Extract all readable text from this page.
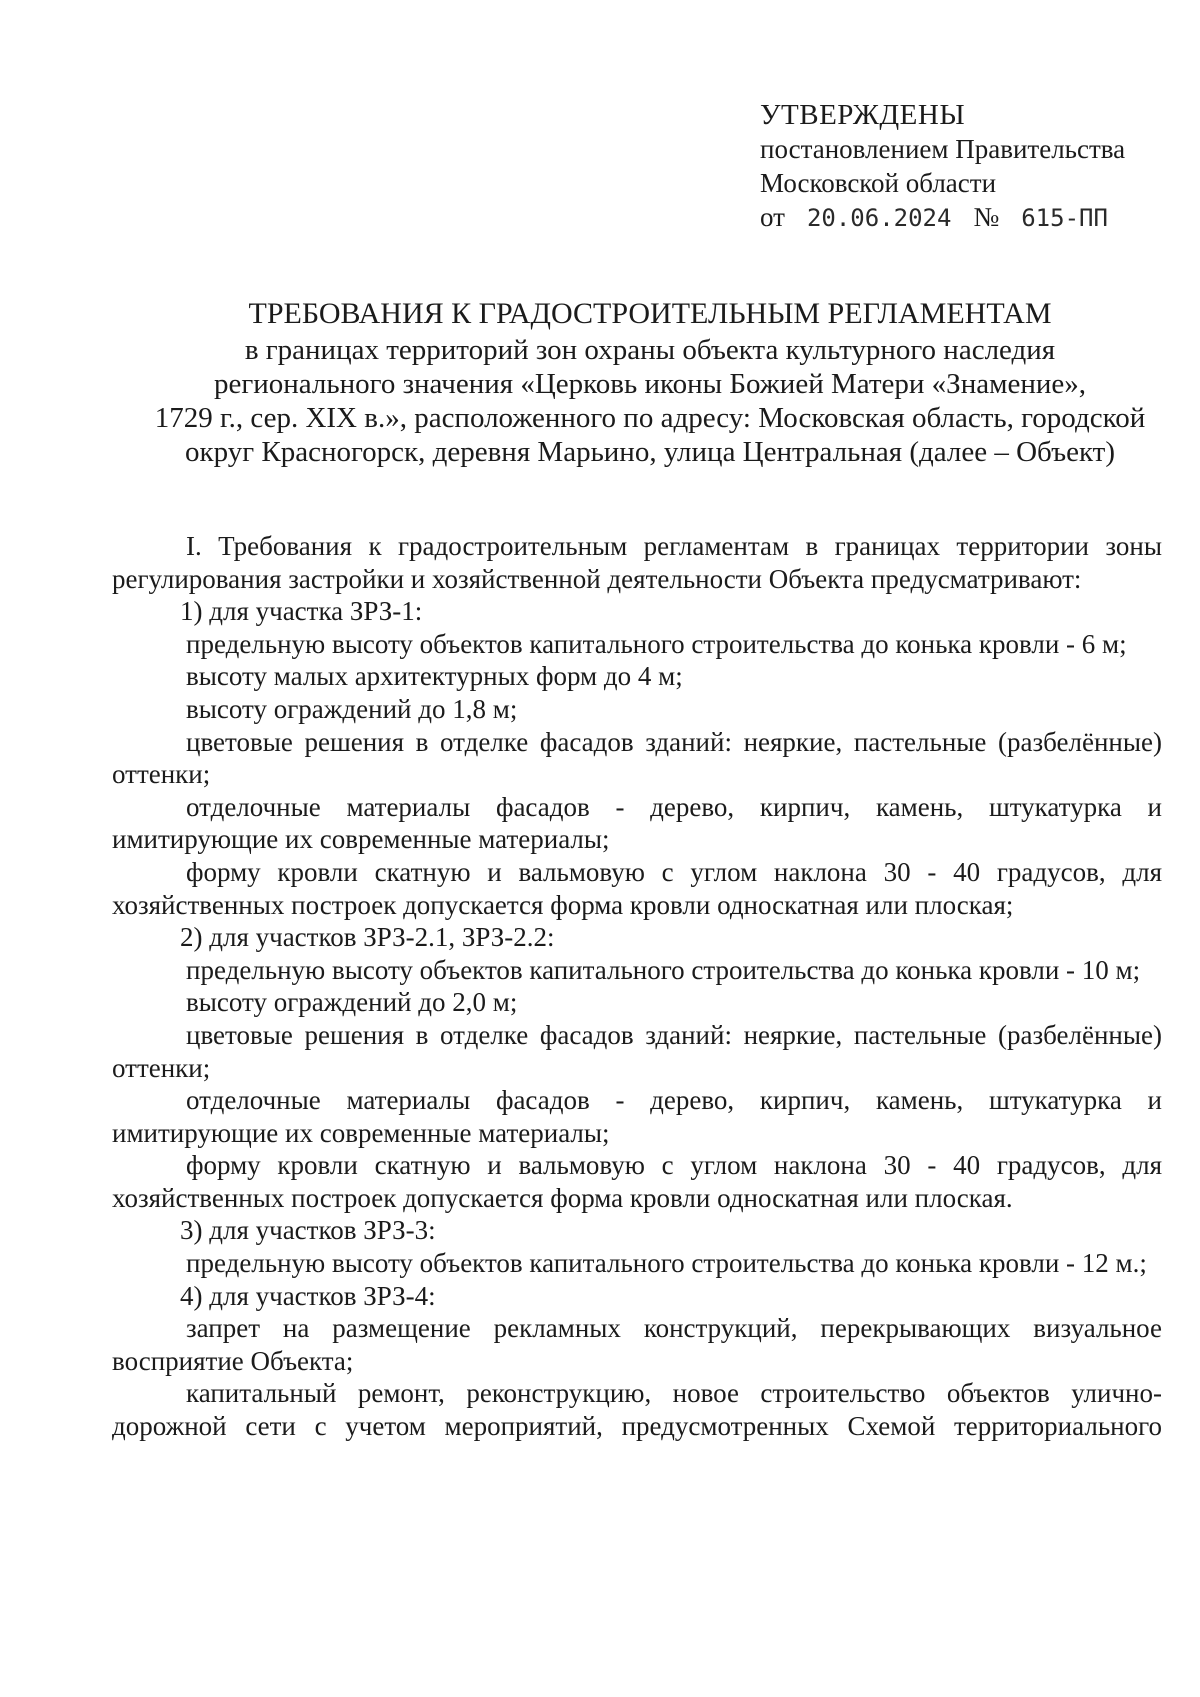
УТВЕРЖДЕНЫ
постановлением Правительства
Московской области
от 20.06.2024 № 615-ПП
ТРЕБОВАНИЯ К ГРАДОСТРОИТЕЛЬНЫМ РЕГЛАМЕНТАМ
в границах территорий зон охраны объекта культурного наследия
регионального значения «Церковь иконы Божией Матери «Знамение»,
1729 г., сер. XIX в.», расположенного по адресу: Московская область, городской
округ Красногорск, деревня Марьино, улица Центральная (далее – Объект)
I. Требования к градостроительным регламентам в границах территории зоны регулирования застройки и хозяйственной деятельности Объекта предусматривают:
1) для участка ЗРЗ-1:
предельную высоту объектов капитального строительства до конька кровли - 6 м;
высоту малых архитектурных форм до 4 м;
высоту ограждений до 1,8 м;
цветовые решения в отделке фасадов зданий: неяркие, пастельные (разбелённые) оттенки;
отделочные материалы фасадов - дерево, кирпич, камень, штукатурка и имитирующие их современные материалы;
форму кровли скатную и вальмовую с углом наклона 30 - 40 градусов, для хозяйственных построек допускается форма кровли односкатная или плоская;
2) для участков ЗРЗ-2.1, ЗРЗ-2.2:
предельную высоту объектов капитального строительства до конька кровли - 10 м;
высоту ограждений до 2,0 м;
цветовые решения в отделке фасадов зданий: неяркие, пастельные (разбелённые) оттенки;
отделочные материалы фасадов - дерево, кирпич, камень, штукатурка и имитирующие их современные материалы;
форму кровли скатную и вальмовую с углом наклона 30 - 40 градусов, для хозяйственных построек допускается форма кровли односкатная или плоская.
3) для участков ЗРЗ-3:
предельную высоту объектов капитального строительства до конька кровли - 12 м.;
4) для участков ЗРЗ-4:
запрет на размещение рекламных конструкций, перекрывающих визуальное восприятие Объекта;
капитальный ремонт, реконструкцию, новое строительство объектов улично-дорожной сети с учетом мероприятий, предусмотренных Схемой территориального
